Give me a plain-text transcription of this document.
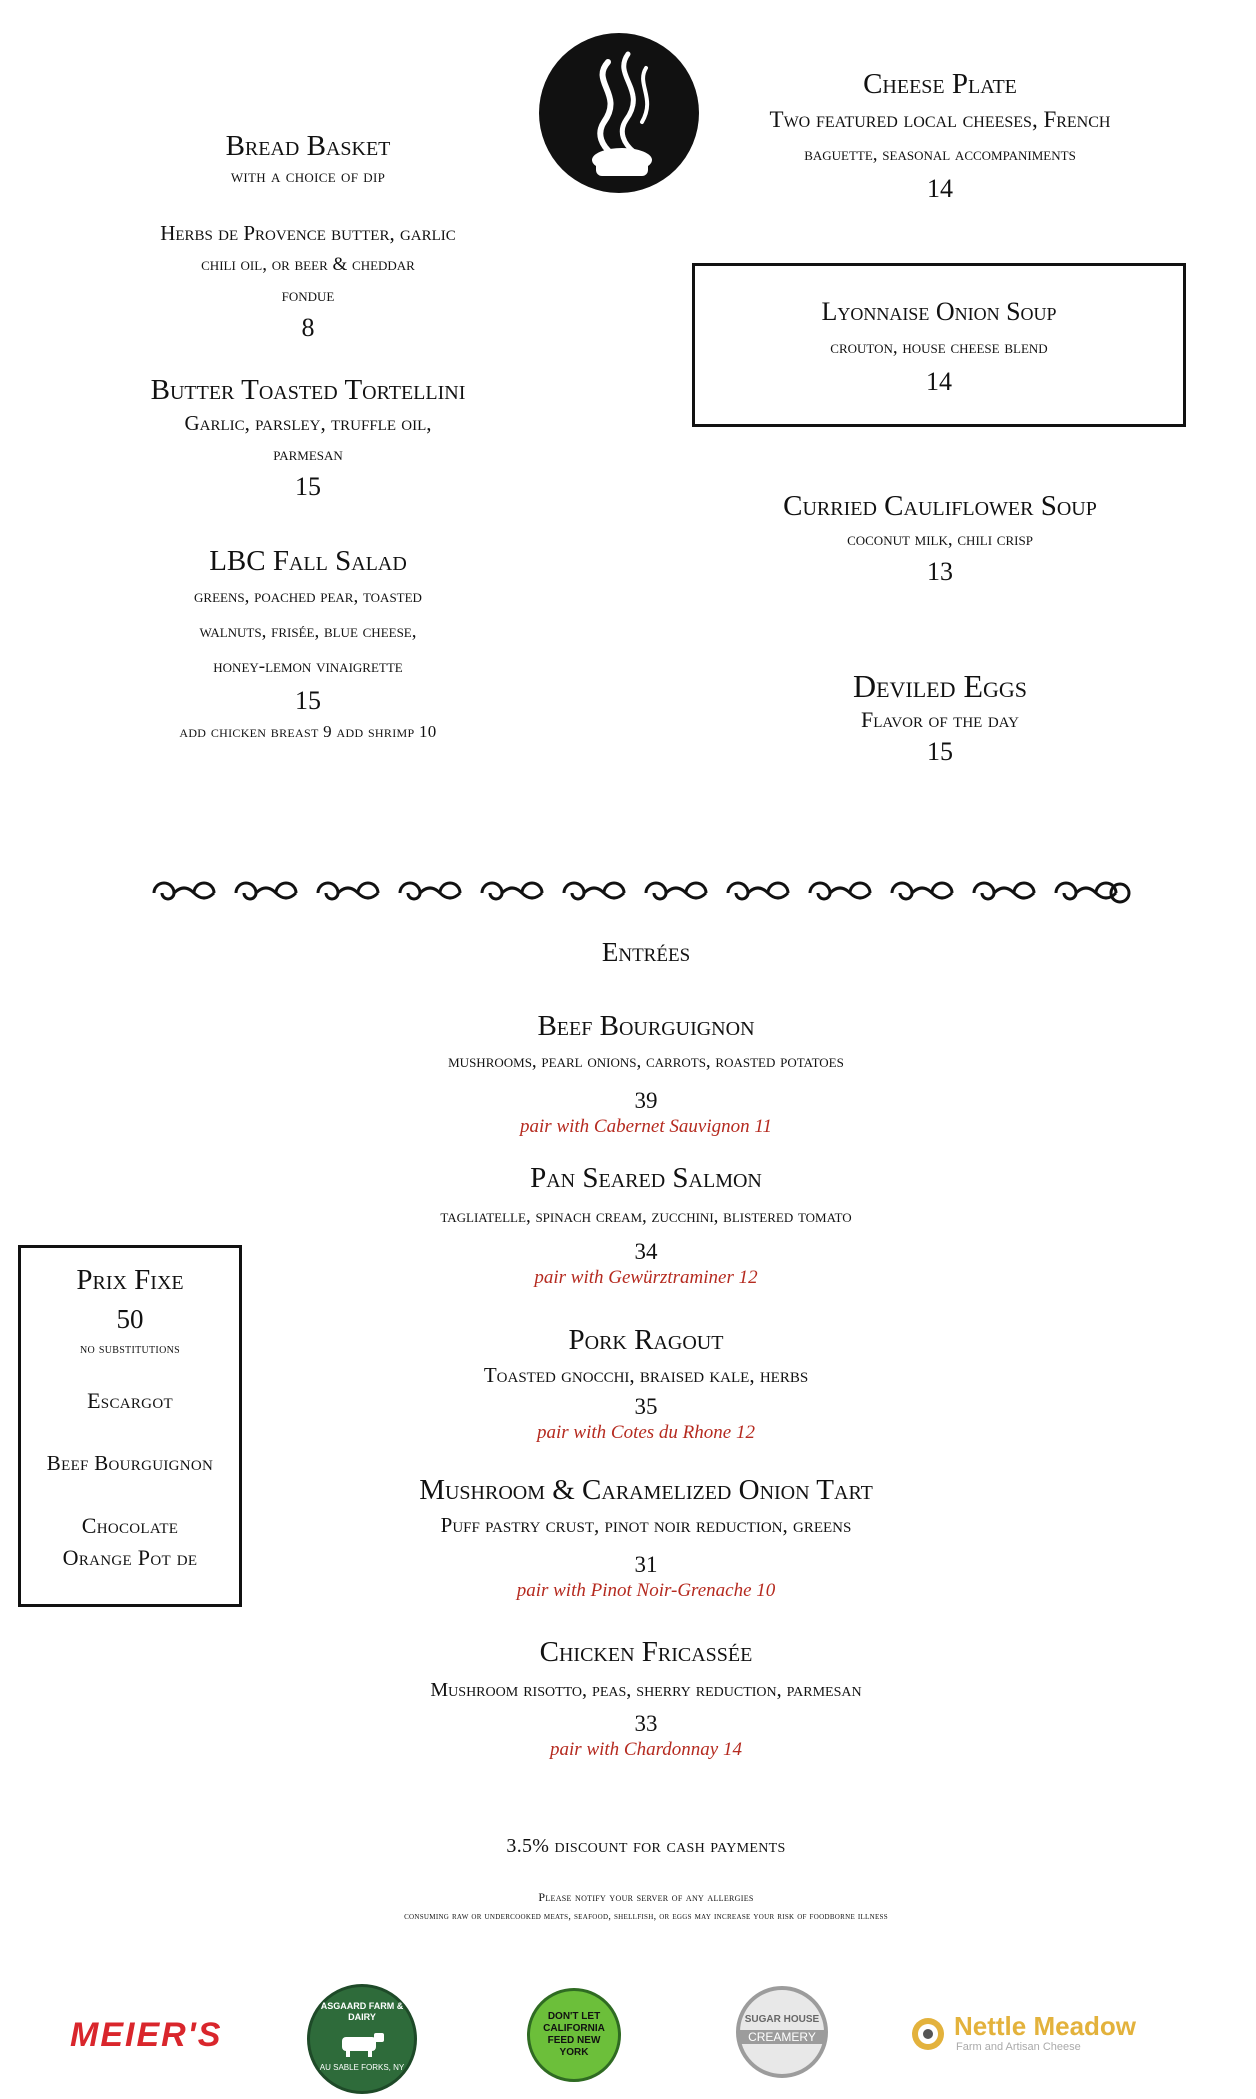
Bread Basket
with a choice of dip
Herbs de Provence butter, garlic
chili oil, or beer & cheddar
fondue
8
Butter Toasted Tortellini
Garlic, parsley, truffle oil,
parmesan
15
LBC Fall Salad
greens, poached pear, toasted
walnuts, frisée, blue cheese,
honey-lemon vinaigrette
15
add chicken breast 9 add shrimp 10
Cheese Plate
Two featured local cheeses, French
baguette, seasonal accompaniments
14
Lyonnaise Onion Soup
crouton, house cheese blend
14
Curried Cauliflower Soup
coconut milk, chili crisp
13
Deviled Eggs
Flavor of the day
15
Entrées
Beef Bourguignon
mushrooms, pearl onions, carrots, roasted potatoes
39
pair with Cabernet Sauvignon 11
Pan Seared Salmon
tagliatelle, spinach cream, zucchini, blistered tomato
34
pair with Gewürztraminer 12
Pork Ragout
Toasted gnocchi, braised kale, herbs
35
pair with Cotes du Rhone 12
Mushroom & Caramelized Onion Tart
Puff pastry crust, pinot noir reduction, greens
31
pair with Pinot Noir-Grenache 10
Chicken Fricassée
Mushroom risotto, peas, sherry reduction, parmesan
33
pair with Chardonnay 14
Prix Fixe
50
no substitutions
Escargot
Beef Bourguignon
Chocolate Orange Pot de
3.5% discount for cash payments
Please notify your server of any allergies
consuming raw or undercooked meats, seafood, shellfish, or eggs may increase your risk of foodborne illness
MEIER'S
ASGAARD FARM & DAIRY
AU SABLE FORKS, NY
DON'T LET CALIFORNIA FEED NEW YORK
SUGAR HOUSE
CREAMERY	Nettle Meadow
Farm and Artisan Cheese
